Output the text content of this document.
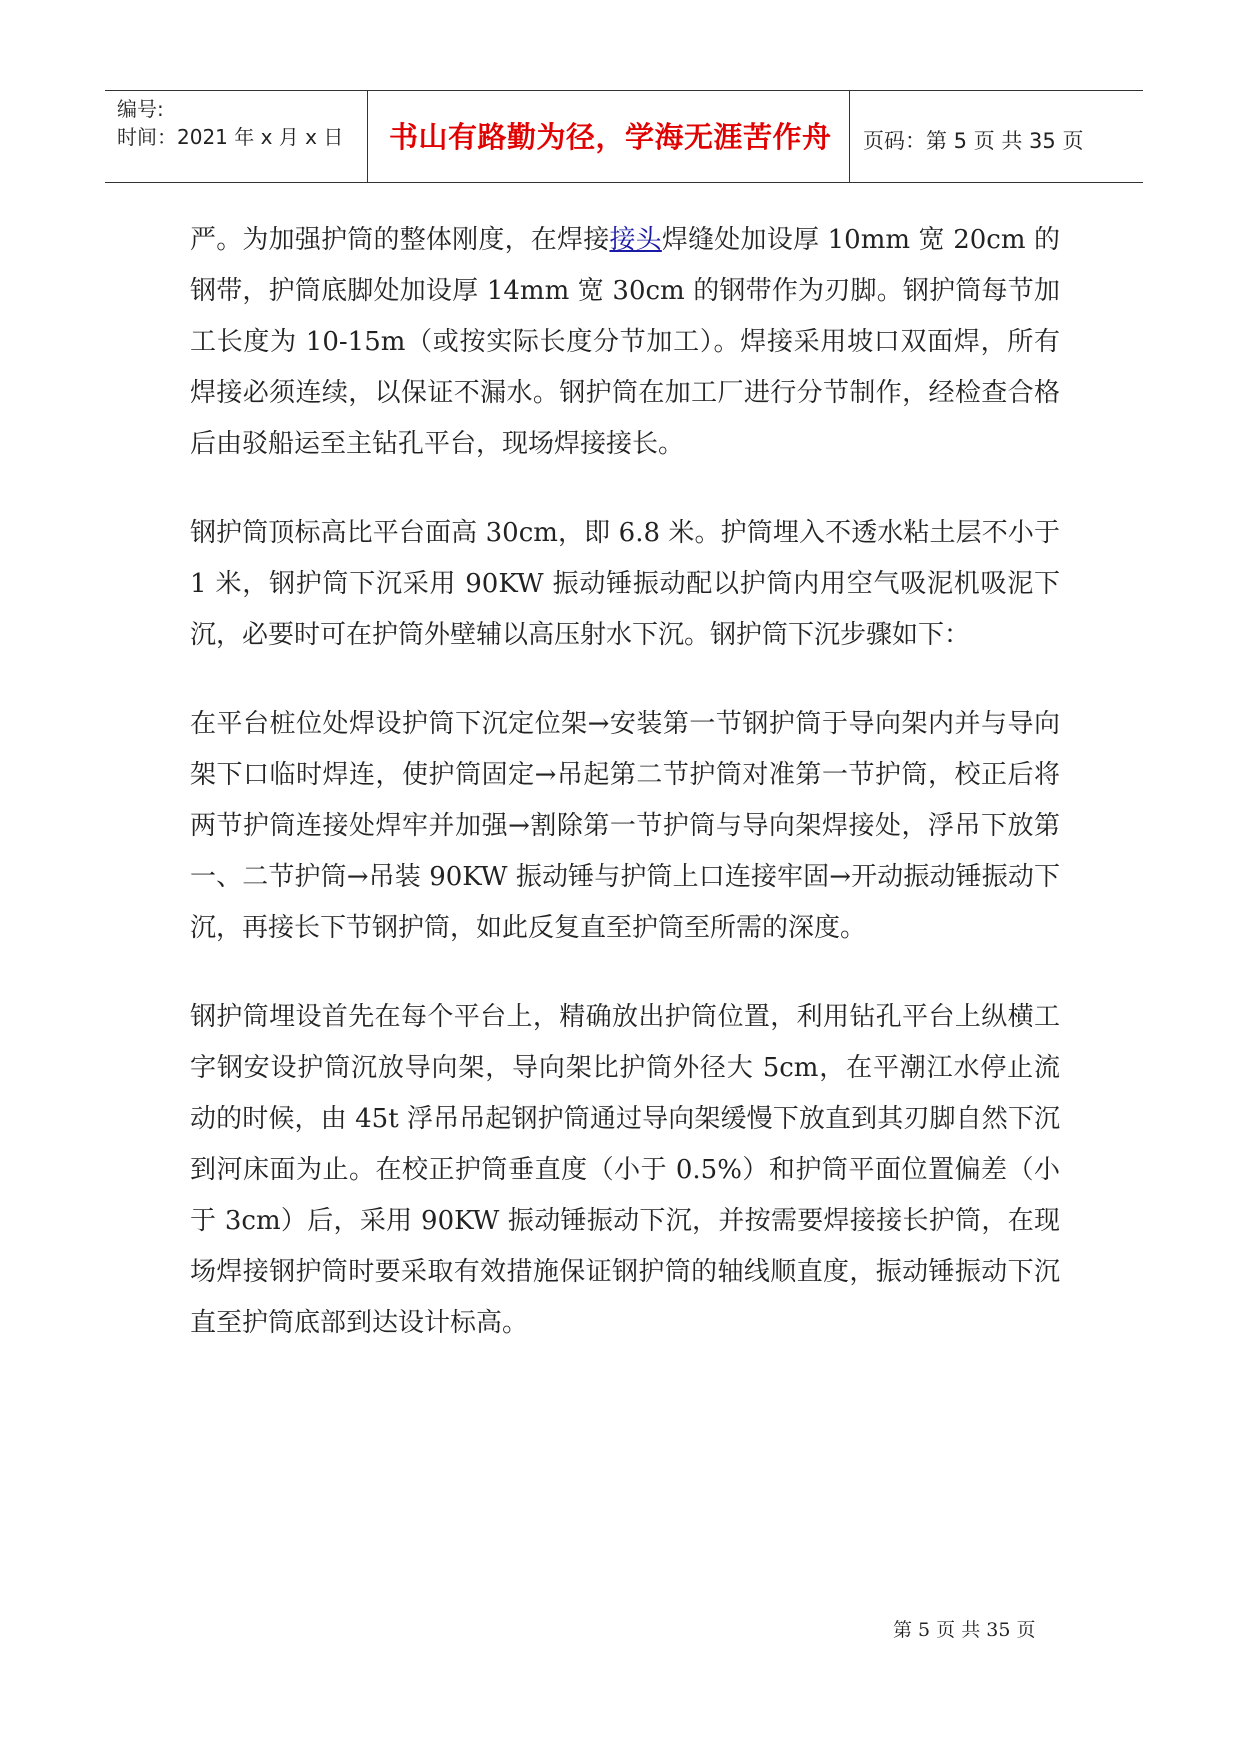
编号:
时间：2021 年 x 月 x 日 书山有路勤为径，学海无涯苦作舟 页码：第 5 页 共 35 页

严。为加强护筒的整体刚度，在焊接接头焊缝处加设厚 10mm 宽 20cm 的钢带，护筒底脚处加设厚 14mm 宽 30cm 的钢带作为刃脚。钢护筒每节加工长度为 10-15m（或按实际长度分节加工）。焊接采用坡口双面焊，所有焊接必须连续，以保证不漏水。钢护筒在加工厂进行分节制作，经检查合格后由驳船运至主钻孔平台，现场焊接接长。

钢护筒顶标高比平台面高 30cm，即 6.8 米。护筒埋入不透水粘土层不小于 1 米，钢护筒下沉采用 90KW 振动锤振动配以护筒内用空气吸泥机吸泥下沉，必要时可在护筒外壁辅以高压射水下沉。钢护筒下沉步骤如下：

在平台桩位处焊设护筒下沉定位架→安装第一节钢护筒于导向架内并与导向架下口临时焊连，使护筒固定→吊起第二节护筒对准第一节护筒，校正后将两节护筒连接处焊牢并加强→割除第一节护筒与导向架焊接处，浮吊下放第一、二节护筒→吊装 90KW 振动锤与护筒上口连接牢固→开动振动锤振动下沉，再接长下节钢护筒，如此反复直至护筒至所需的深度。

钢护筒埋设首先在每个平台上，精确放出护筒位置，利用钻孔平台上纵横工字钢安设护筒沉放导向架，导向架比护筒外径大 5cm，在平潮江水停止流动的时候，由 45t 浮吊吊起钢护筒通过导向架缓慢下放直到其刃脚自然下沉到河床面为止。在校正护筒垂直度（小于 0.5%）和护筒平面位置偏差（小于 3cm）后，采用 90KW 振动锤振动下沉，并按需要焊接接长护筒，在现场焊接钢护筒时要采取有效措施保证钢护筒的轴线顺直度，振动锤振动下沉直至护筒底部到达设计标高。

第 5 页 共 35 页
